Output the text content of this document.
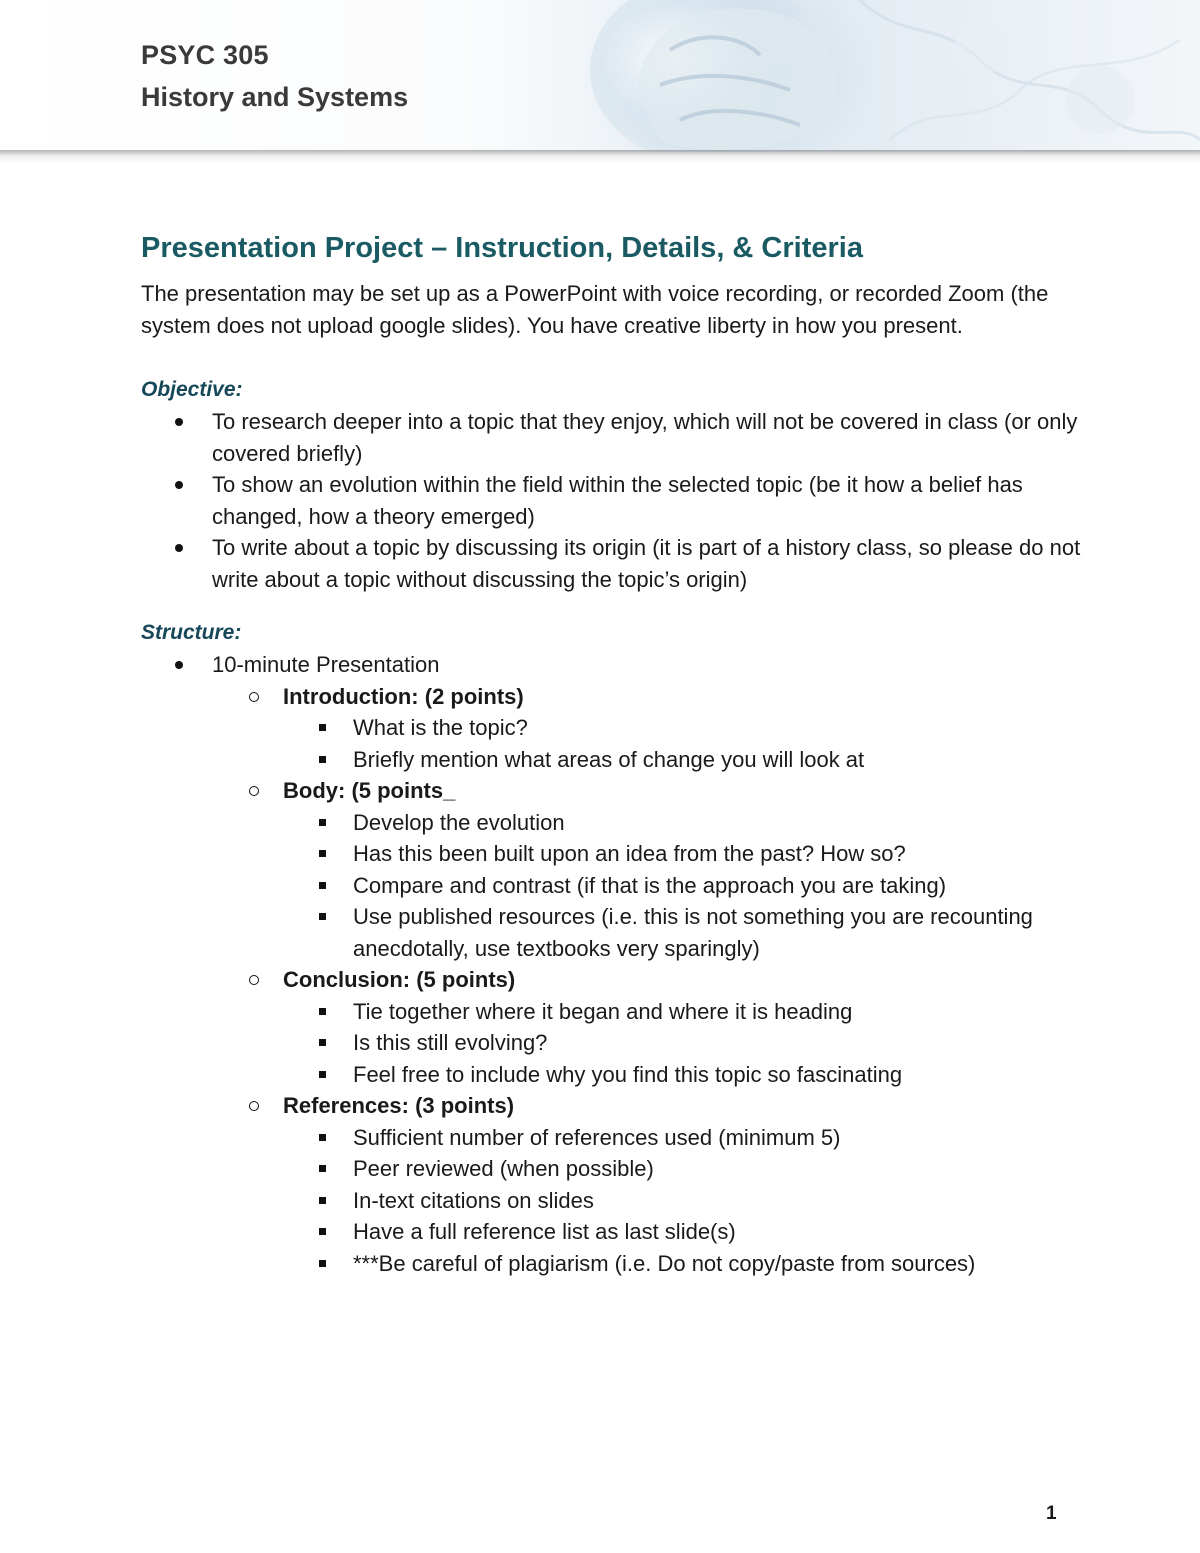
PSYC 305
History and Systems
Presentation Project – Instruction, Details, & Criteria

The presentation may be set up as a PowerPoint with voice recording, or recorded Zoom (the system does not upload google slides). You have creative liberty in how you present.

Objective:

To research deeper into a topic that they enjoy, which will not be covered in class (or only covered briefly)
To show an evolution within the field within the selected topic (be it how a belief has changed, how a theory emerged)
To write about a topic by discussing its origin (it is part of a history class, so please do not write about a topic without discussing the topic’s origin)

Structure:

10-minute Presentation
Introduction: (2 points)
What is the topic?
Briefly mention what areas of change you will look at
Body: (5 points_
Develop the evolution
Has this been built upon an idea from the past? How so?
Compare and contrast (if that is the approach you are taking)
Use published resources (i.e. this is not something you are recounting anecdotally, use textbooks very sparingly)
Conclusion: (5 points)
Tie together where it began and where it is heading
Is this still evolving?
Feel free to include why you find this topic so fascinating
References: (3 points)
Sufficient number of references used (minimum 5)
Peer reviewed (when possible)
In-text citations on slides
Have a full reference list as last slide(s)
***Be careful of plagiarism (i.e. Do not copy/paste from sources)

1
